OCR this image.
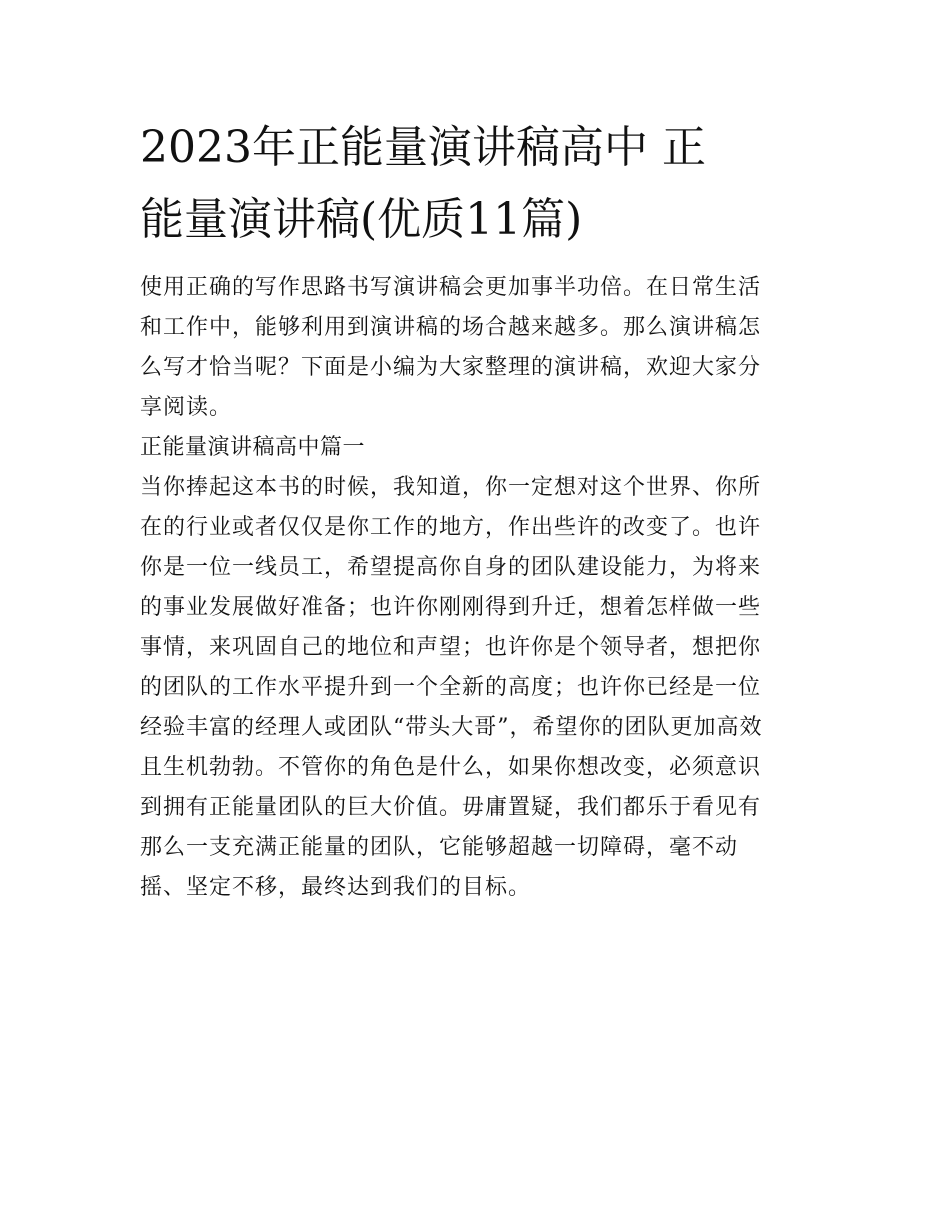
2023年正能量演讲稿高中 正
能量演讲稿(优质11篇)

使用正确的写作思路书写演讲稿会更加事半功倍。在日常生活
和工作中，能够利用到演讲稿的场合越来越多。那么演讲稿怎
么写才恰当呢？下面是小编为大家整理的演讲稿，欢迎大家分
享阅读。

正能量演讲稿高中篇一

当你捧起这本书的时候，我知道，你一定想对这个世界、你所
在的行业或者仅仅是你工作的地方，作出些许的改变了。也许
你是一位一线员工，希望提高你自身的团队建设能力，为将来
的事业发展做好准备；也许你刚刚得到升迁，想着怎样做一些
事情，来巩固自己的地位和声望；也许你是个领导者，想把你
的团队的工作水平提升到一个全新的高度；也许你已经是一位
经验丰富的经理人或团队“带头大哥”，希望你的团队更加高效
且生机勃勃。不管你的角色是什么，如果你想改变，必须意识
到拥有正能量团队的巨大价值。毋庸置疑，我们都乐于看见有
那么一支充满正能量的团队，它能够超越一切障碍，毫不动
摇、坚定不移，最终达到我们的目标。
